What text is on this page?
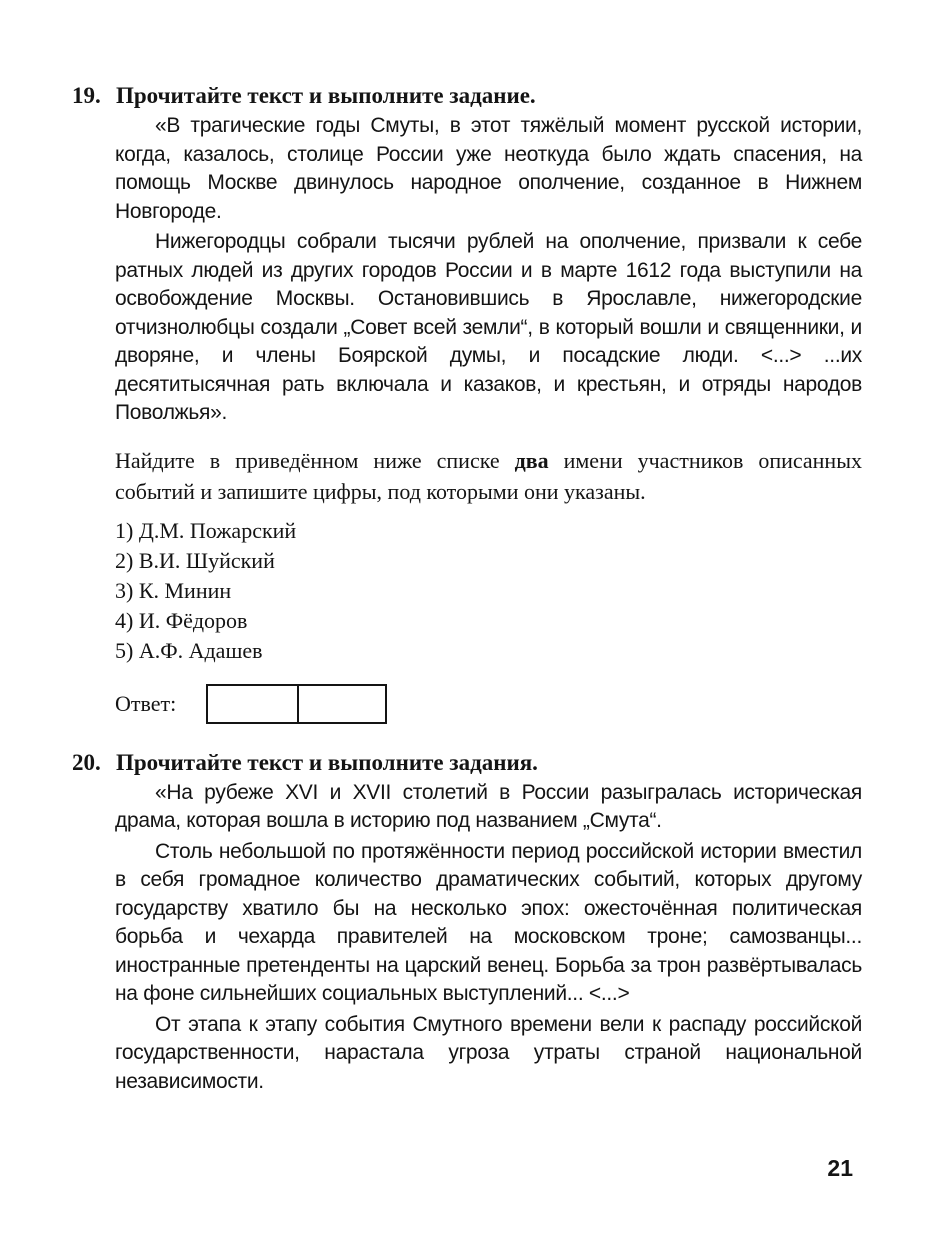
19. Прочитайте текст и выполните задание.

«В трагические годы Смуты, в этот тяжёлый момент русской истории, когда, казалось, столице России уже неоткуда было ждать спасения, на помощь Москве двинулось народное ополчение, созданное в Нижнем Новгороде.

Нижегородцы собрали тысячи рублей на ополчение, призвали к себе ратных людей из других городов России и в марте 1612 года выступили на освобождение Москвы. Остановившись в Ярославле, нижегородские отчизнолюбцы создали „Совет всей земли“, в который вошли и священники, и дворяне, и члены Боярской думы, и посадские люди. <...> ...их десятитысячная рать включала и казаков, и крестьян, и отряды народов Поволжья».

Найдите в приведённом ниже списке два имени участников описанных событий и запишите цифры, под которыми они указаны.

1) Д.М. Пожарский
2) В.И. Шуйский
3) К. Минин
4) И. Фёдоров
5) А.Ф. Адашев
Ответ:
20. Прочитайте текст и выполните задания.

«На рубеже XVI и XVII столетий в России разыгралась историческая драма, которая вошла в историю под названием „Смута“.

Столь небольшой по протяжённости период российской истории вместил в себя громадное количество драматических событий, которых другому государству хватило бы на несколько эпох: ожесточённая политическая борьба и чехарда правителей на московском троне; самозванцы... иностранные претенденты на царский венец. Борьба за трон развёртывалась на фоне сильнейших социальных выступлений... <...>

От этапа к этапу события Смутного времени вели к распаду российской государственности, нарастала угроза утраты страной национальной независимости.

21
